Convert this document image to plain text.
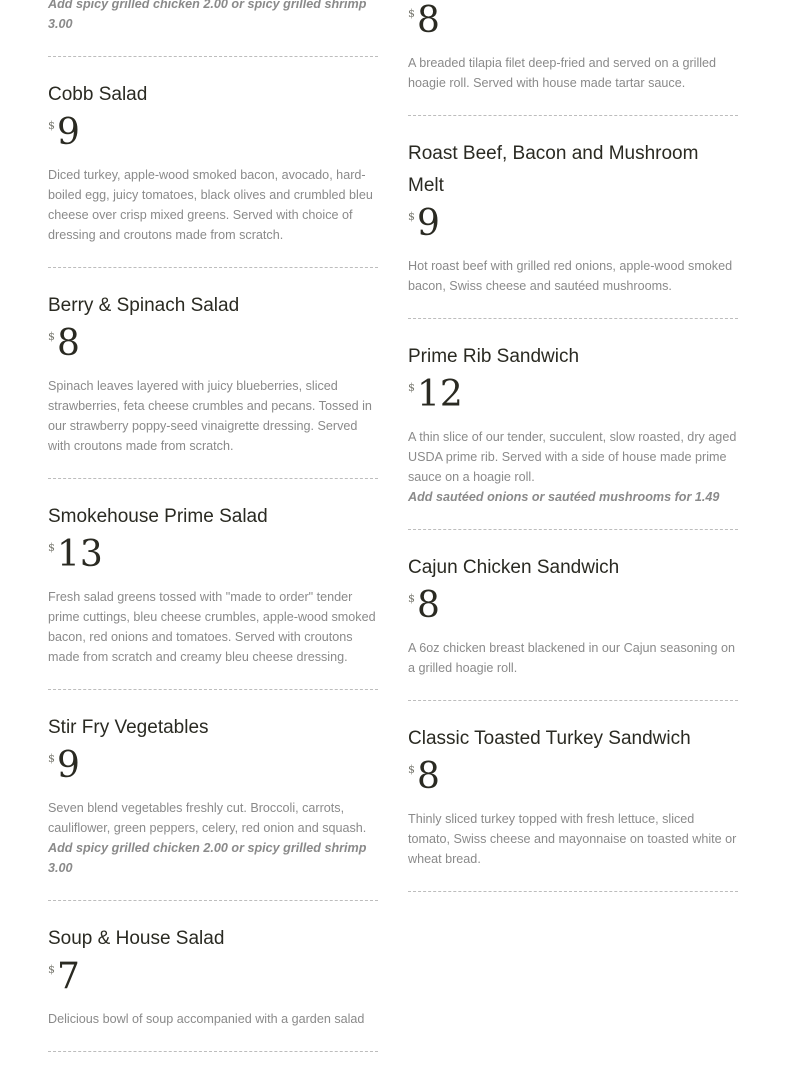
Add spicy grilled chicken 2.00 or spicy grilled shrimp 3.00
Cobb Salad
$ 9
Diced turkey, apple-wood smoked bacon, avocado, hard-boiled egg, juicy tomatoes, black olives and crumbled bleu cheese over crisp mixed greens. Served with choice of dressing and croutons made from scratch.
Berry & Spinach Salad
$ 8
Spinach leaves layered with juicy blueberries, sliced strawberries, feta cheese crumbles and pecans. Tossed in our strawberry poppy-seed vinaigrette dressing. Served with croutons made from scratch.
Smokehouse Prime Salad
$ 13
Fresh salad greens tossed with "made to order" tender prime cuttings, bleu cheese crumbles, apple-wood smoked bacon, red onions and tomatoes. Served with croutons made from scratch and creamy bleu cheese dressing.
Stir Fry Vegetables
$ 9
Seven blend vegetables freshly cut. Broccoli, carrots, cauliflower, green peppers, celery, red onion and squash.
Add spicy grilled chicken 2.00 or spicy grilled shrimp 3.00
Soup & House Salad
$ 7
Delicious bowl of soup accompanied with a garden salad
$ 8
A breaded tilapia filet deep-fried and served on a grilled hoagie roll. Served with house made tartar sauce.
Roast Beef, Bacon and Mushroom Melt
$ 9
Hot roast beef with grilled red onions, apple-wood smoked bacon, Swiss cheese and sautéed mushrooms.
Prime Rib Sandwich
$ 12
A thin slice of our tender, succulent, slow roasted, dry aged USDA prime rib. Served with a side of house made prime sauce on a hoagie roll.
Add sautéed onions or sautéed mushrooms for 1.49
Cajun Chicken Sandwich
$ 8
A 6oz chicken breast blackened in our Cajun seasoning on a grilled hoagie roll.
Classic Toasted Turkey Sandwich
$ 8
Thinly sliced turkey topped with fresh lettuce, sliced tomato, Swiss cheese and mayonnaise on toasted white or wheat bread.
